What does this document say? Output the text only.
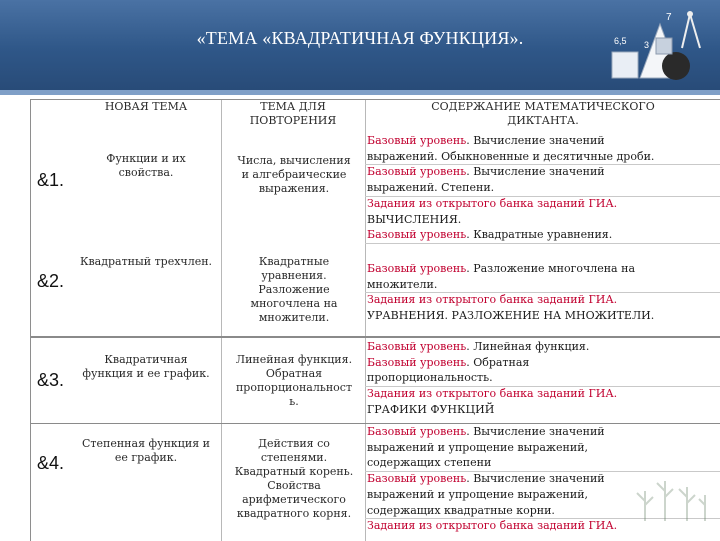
«ТЕМА «КВАДРАТИЧНАЯ ФУНКЦИЯ».
7
6,5 3
НОВАЯ ТЕМА	ТЕМА ДЛЯ
ПОВТОРЕНИЯ
СОДЕРЖАНИЕ МАТЕМАТИЧЕСКОГО
ДИКТАНТА.
&1.
Функции и их
свойства.
Числа, вычисления
и алгебраические
выражения.
Базовый уровень. Вычисление значений
выражений. Обыкновенные и десятичные дроби.
Базовый уровень. Вычисление значений
выражений. Степени.
Задания из открытого банка заданий ГИА.
ВЫЧИСЛЕНИЯ.
Базовый уровень. Квадратные уравнения.
&2.
Квадратный трехчлен.	Квадратные
уравнения.
Разложение
многочлена на
множители.
Базовый уровень. Разложение многочлена на
множители.
Задания из открытого банка заданий ГИА.
УРАВНЕНИЯ. РАЗЛОЖЕНИЕ НА МНОЖИТЕЛИ.
&3.
Квадратичная
функция и ее график.
Линейная функция.
Обратная
пропорциональност
ь.
Базовый уровень. Линейная функция.
Базовый уровень. Обратная
пропорциональность.
Задания из открытого банка заданий ГИА.
ГРАФИКИ ФУНКЦИЙ
&4.
Степенная функция и
ее график.
Действия со
степенями.
Квадратный корень.
Свойства
арифметического
квадратного корня.
Базовый уровень. Вычисление значений
выражений и упрощение выражений,
содержащих степени
Базовый уровень. Вычисление значений
выражений и упрощение выражений,
содержащих квадратные корни.
Задания из открытого банка заданий ГИА.
